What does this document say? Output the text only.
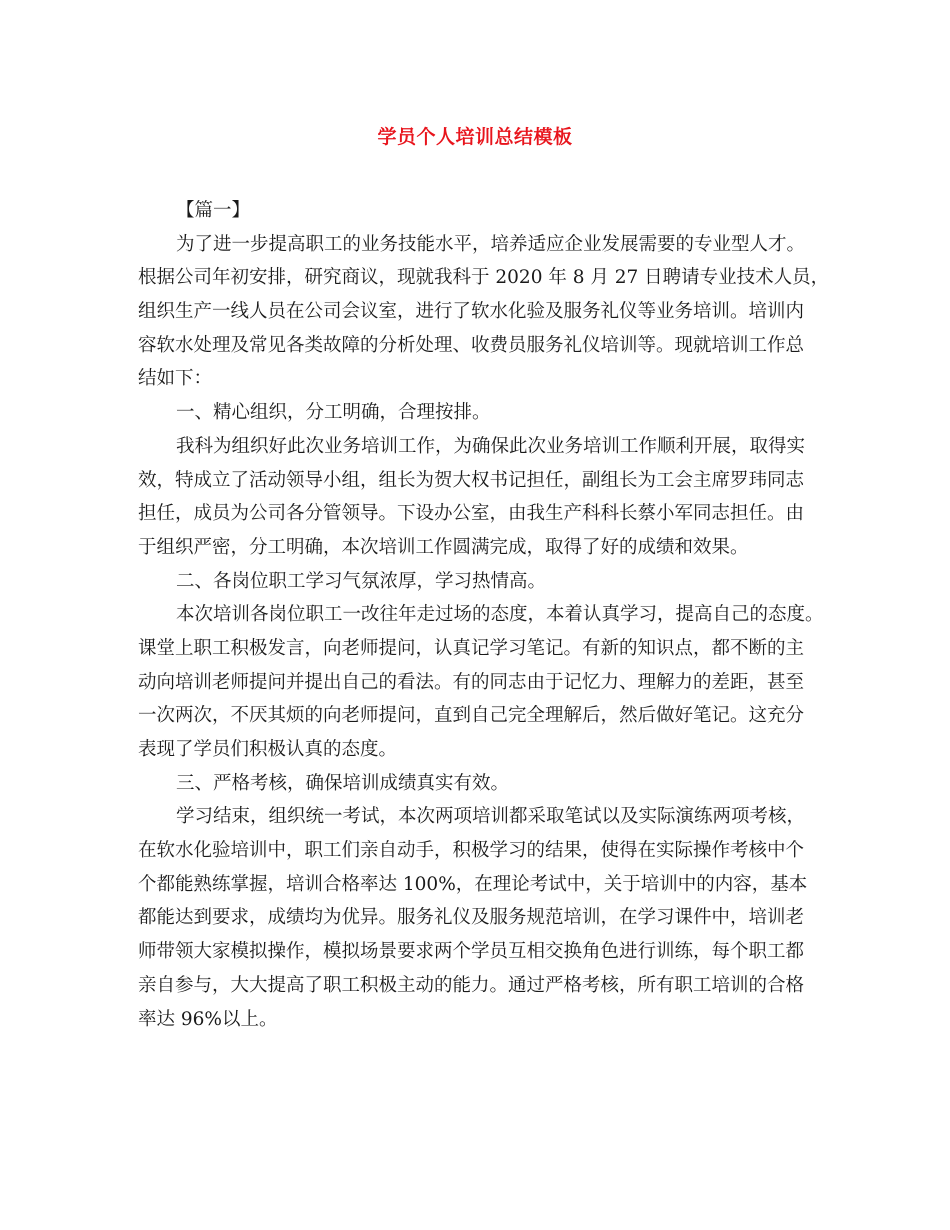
学员个人培训总结模板
【篇一】
为了进一步提高职工的业务技能水平，培养适应企业发展需要的专业型人才。
根据公司年初安排，研究商议，现就我科于 2020 年 8 月 27 日聘请专业技术人员，
组织生产一线人员在公司会议室，进行了软水化验及服务礼仪等业务培训。培训内
容软水处理及常见各类故障的分析处理、收费员服务礼仪培训等。现就培训工作总
结如下：
一、精心组织，分工明确，合理按排。
我科为组织好此次业务培训工作，为确保此次业务培训工作顺利开展，取得实
效，特成立了活动领导小组，组长为贺大权书记担任，副组长为工会主席罗玮同志
担任，成员为公司各分管领导。下设办公室，由我生产科科长蔡小军同志担任。由
于组织严密，分工明确，本次培训工作圆满完成，取得了好的成绩和效果。
二、各岗位职工学习气氛浓厚，学习热情高。
本次培训各岗位职工一改往年走过场的态度，本着认真学习，提高自己的态度。
课堂上职工积极发言，向老师提问，认真记学习笔记。有新的知识点，都不断的主
动向培训老师提问并提出自己的看法。有的同志由于记忆力、理解力的差距，甚至
一次两次，不厌其烦的向老师提问，直到自己完全理解后，然后做好笔记。这充分
表现了学员们积极认真的态度。
三、严格考核，确保培训成绩真实有效。
学习结束，组织统一考试，本次两项培训都采取笔试以及实际演练两项考核，
在软水化验培训中，职工们亲自动手，积极学习的结果，使得在实际操作考核中个
个都能熟练掌握，培训合格率达 100%，在理论考试中，关于培训中的内容，基本
都能达到要求，成绩均为优异。服务礼仪及服务规范培训，在学习课件中，培训老
师带领大家模拟操作，模拟场景要求两个学员互相交换角色进行训练，每个职工都
亲自参与，大大提高了职工积极主动的能力。通过严格考核，所有职工培训的合格
率达 96%以上。
